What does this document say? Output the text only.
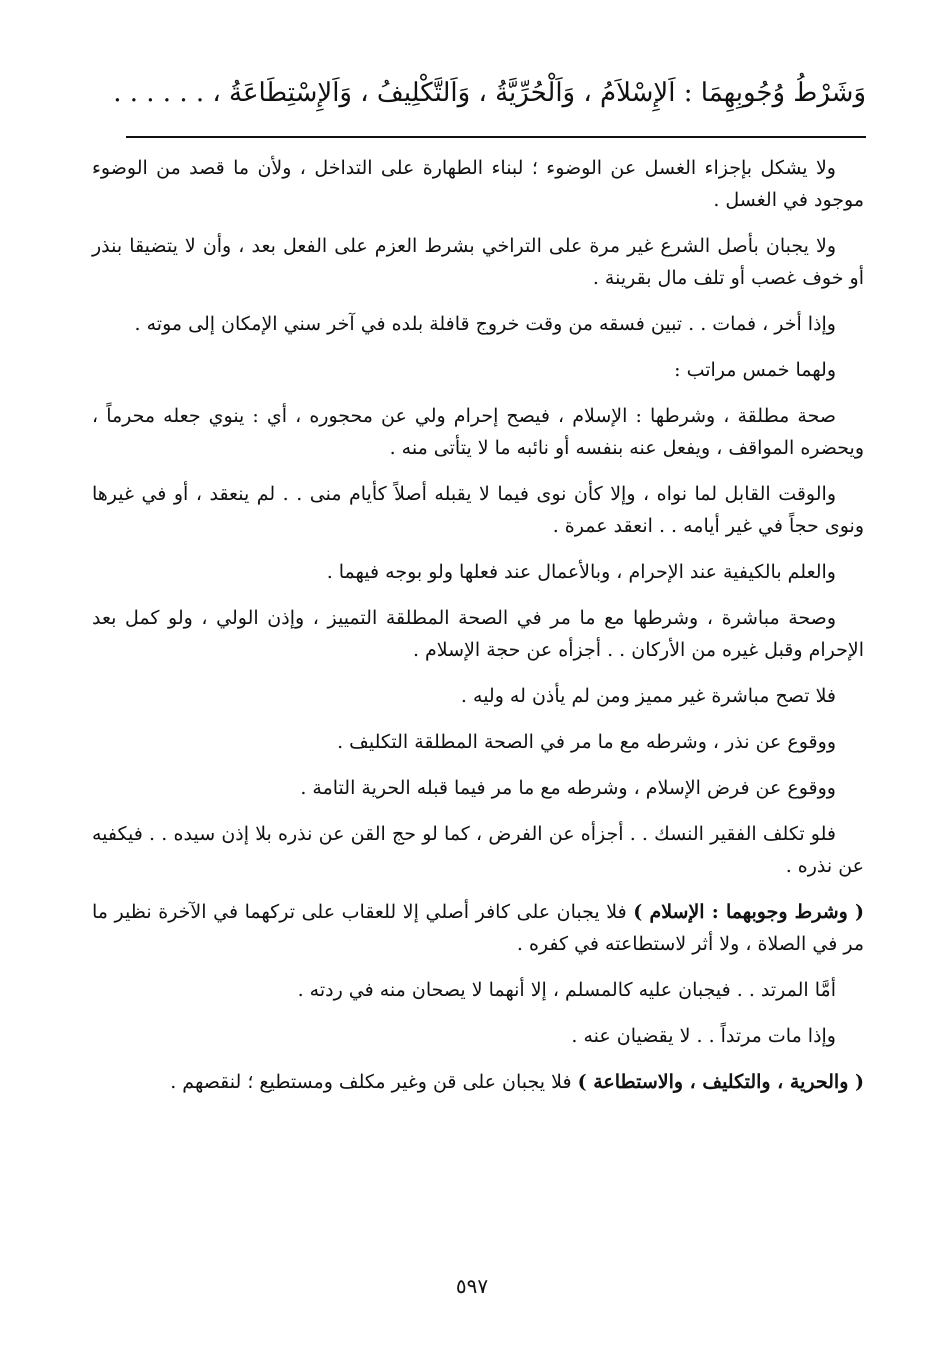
وَشَرْطُ وُجُوبِهِمَا : اَلإِسْلاَمُ ، وَاَلْحُرِّيَّةُ ، وَاَلتَّكْلِيفُ ، وَاَلإِسْتِطَاعَةُ ، . . . . . .

ولا يشكل بإجزاء الغسل عن الوضوء ؛ لبناء الطهارة على التداخل ، ولأن ما قصد من الوضوء موجود في الغسل .

ولا يجبان بأصل الشرع غير مرة على التراخي بشرط العزم على الفعل بعد ، وأن لا يتضيقا بنذر أو خوف غصب أو تلف مال بقرينة .

وإذا أخر ، فمات . . تبين فسقه من وقت خروج قافلة بلده في آخر سني الإمكان إلى موته .

ولهما خمس مراتب :

صحة مطلقة ، وشرطها : الإسلام ، فيصح إحرام ولي عن محجوره ، أي : ينوي جعله محرماً ، ويحضره المواقف ، ويفعل عنه بنفسه أو نائبه ما لا يتأتى منه .

والوقت القابل لما نواه ، وإلا كأن نوى فيما لا يقبله أصلاً كأيام منى . . لم ينعقد ، أو في غيرها ونوى حجاً في غير أيامه . . انعقد عمرة .

والعلم بالكيفية عند الإحرام ، وبالأعمال عند فعلها ولو بوجه فيهما .

وصحة مباشرة ، وشرطها مع ما مر في الصحة المطلقة التمييز ، وإذن الولي ، ولو كمل بعد الإحرام وقبل غيره من الأركان . . أجزأه عن حجة الإسلام .

فلا تصح مباشرة غير مميز ومن لم يأذن له وليه .

ووقوع عن نذر ، وشرطه مع ما مر في الصحة المطلقة التكليف .

ووقوع عن فرض الإسلام ، وشرطه مع ما مر فيما قبله الحرية التامة .

فلو تكلف الفقير النسك . . أجزأه عن الفرض ، كما لو حج القن عن نذره بلا إذن سيده . . فيكفيه عن نذره .

( وشرط وجوبهما : الإسلام ) فلا يجبان على كافر أصلي إلا للعقاب على تركهما في الآخرة نظير ما مر في الصلاة ، ولا أثر لاستطاعته في كفره .

أمَّا المرتد . . فيجبان عليه كالمسلم ، إلا أنهما لا يصحان منه في ردته .

وإذا مات مرتداً . . لا يقضيان عنه .

( والحرية ، والتكليف ، والاستطاعة ) فلا يجبان على قن وغير مكلف ومستطيع ؛ لنقصهم .

٥٩٧
